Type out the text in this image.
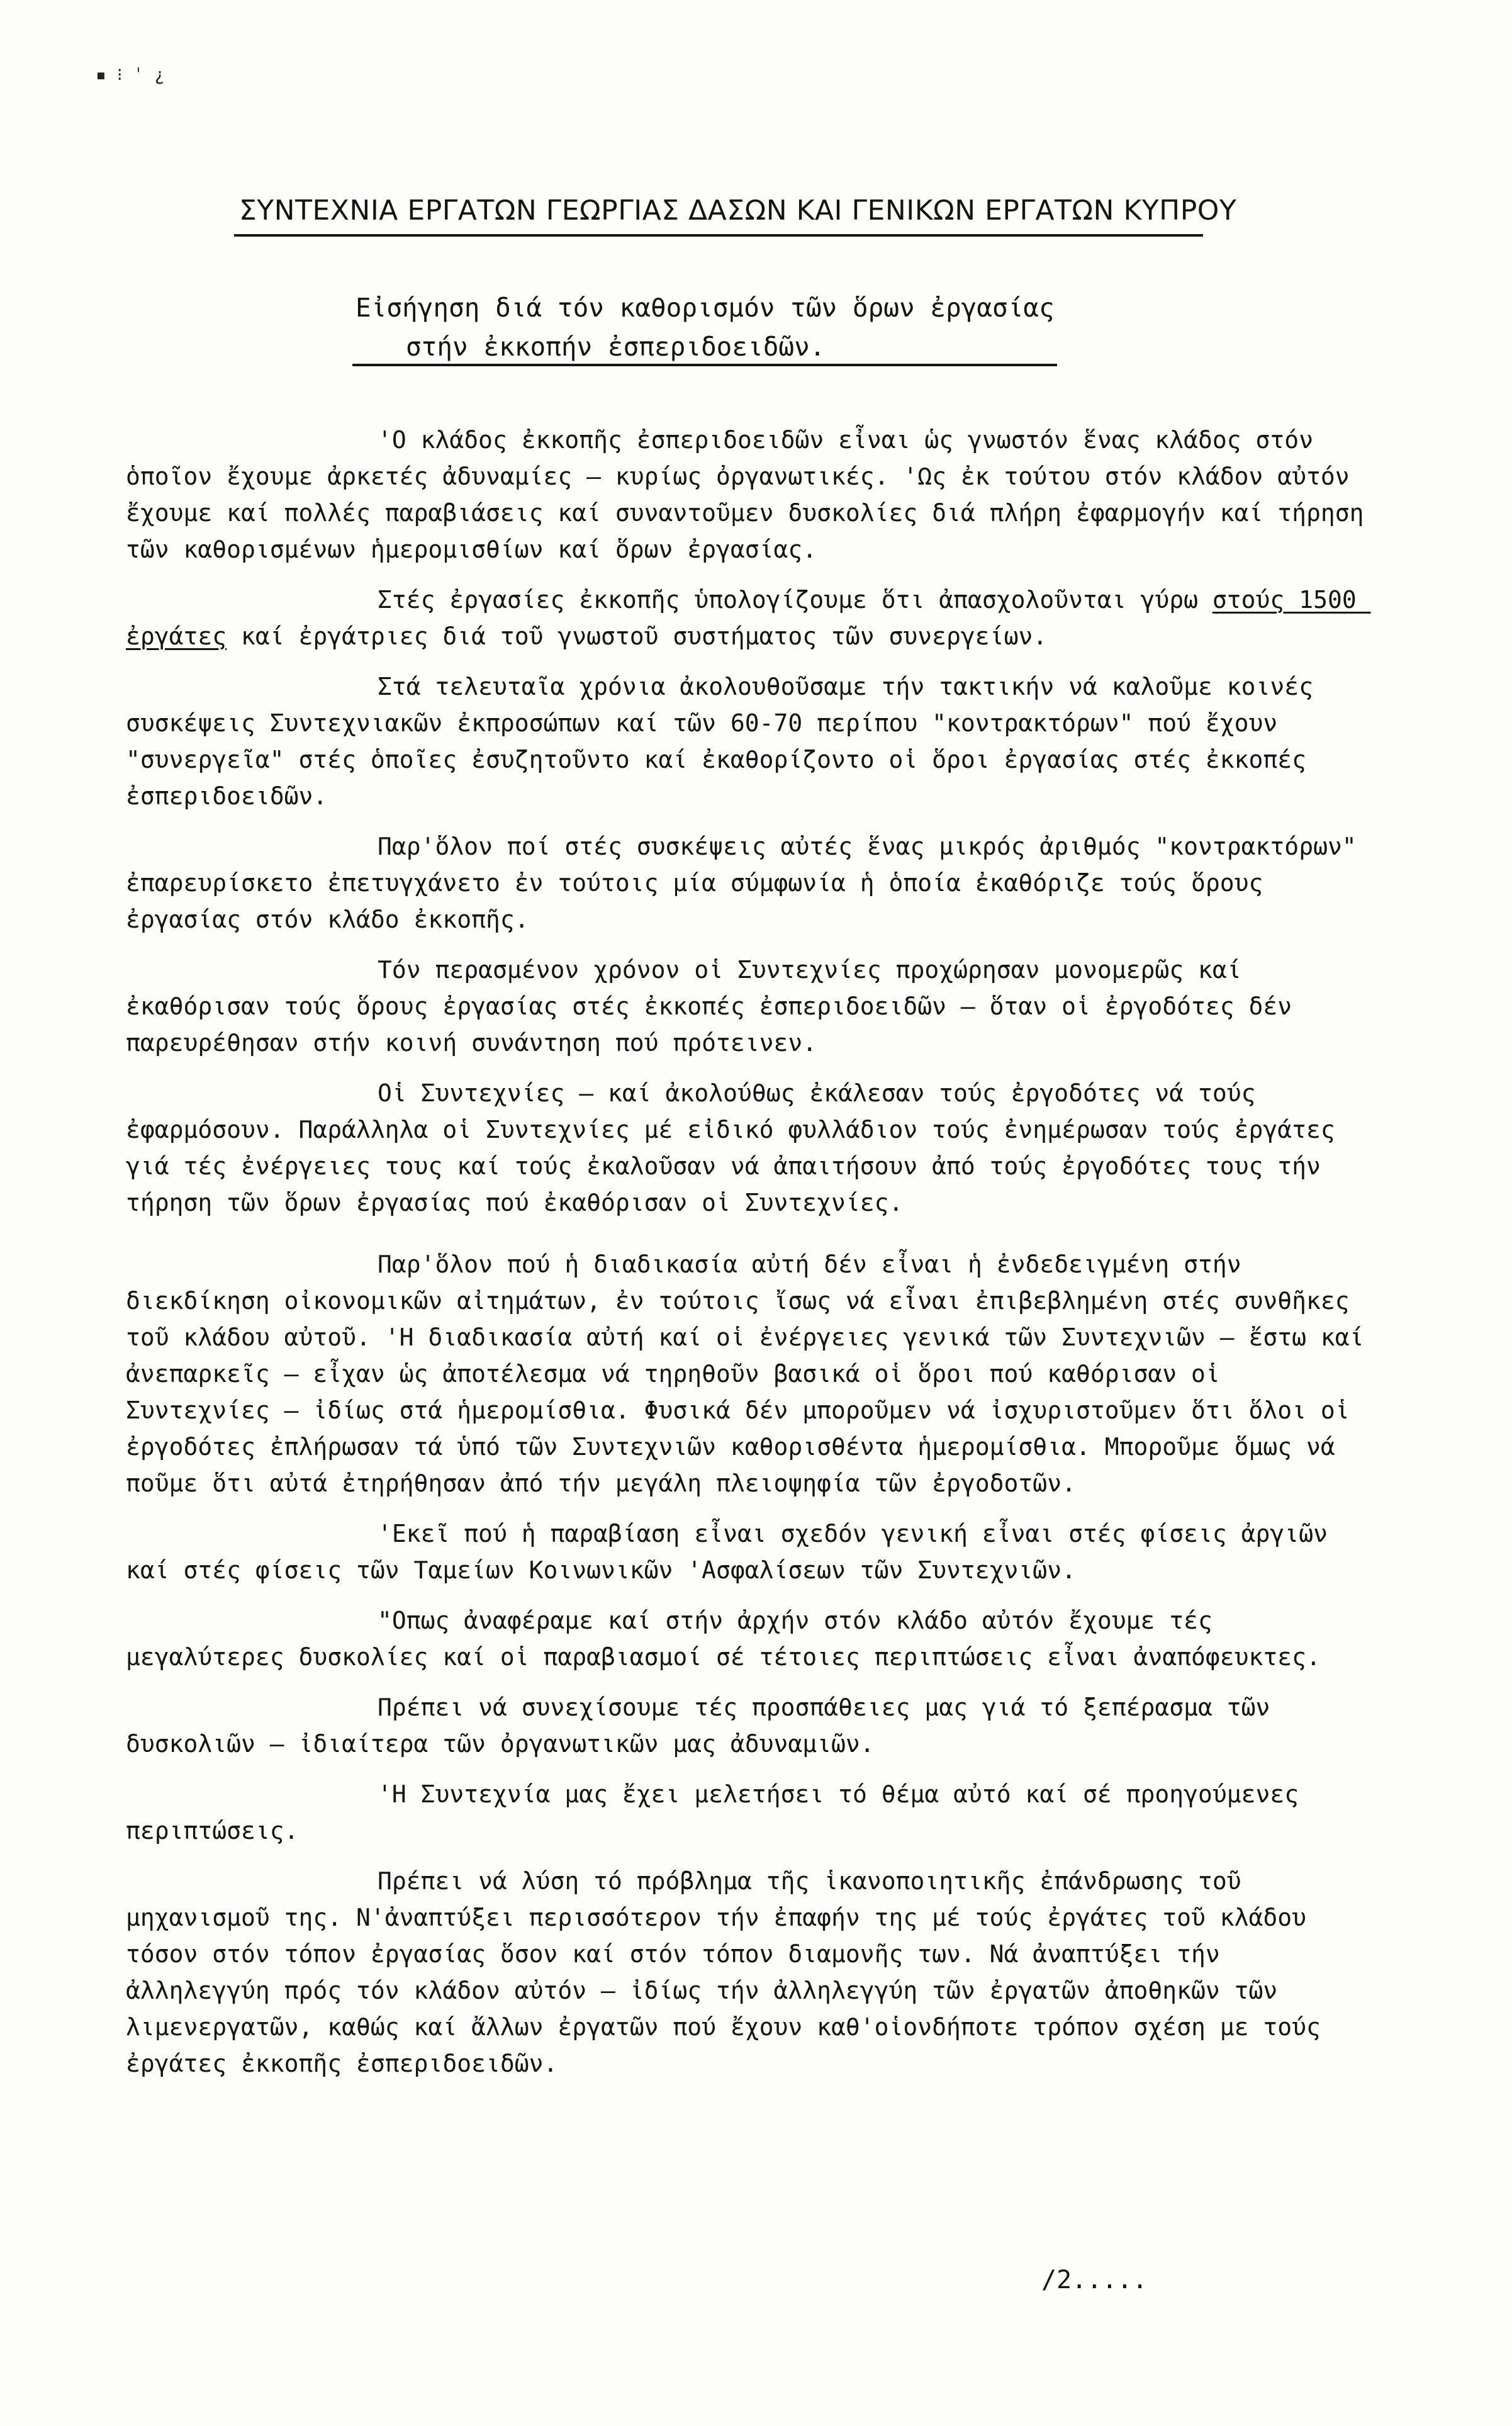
▪ ⁝ ˈ ¿
ΣΥΝΤΕΧΝΙΑ ΕΡΓΑΤΩΝ ΓΕΩΡΓΙΑΣ ΔΑΣΩΝ ΚΑΙ ΓΕΝΙΚΩΝ ΕΡΓΑΤΩΝ ΚΥΠΡΟΥ
Εἰσήγηση διά τόν καθορισμόν τῶν ὅρων ἐργασίας
στήν ἐκκοπήν ἐσπεριδοειδῶν.

'Ο κλάδος ἐκκοπῆς ἐσπεριδοειδῶν εἶναι ὡς γνωστόν ἕνας κλάδος στόν ὁποῖον ἔχουμε ἀρκετές ἀδυναμίες – κυρίως ὀργανωτικές. 'Ως ἐκ τούτου στόν κλάδον αὐτόν ἔχουμε καί πολλές παραβιάσεις καί συναντοῦμεν δυσκολίες διά πλήρη ἐφαρμογήν καί τήρηση τῶν καθορισμένων ἡμερομισθίων καί ὅρων ἐργασίας.

Στές ἐργασίες ἐκκοπῆς ὑπολογίζουμε ὅτι ἀπασχολοῦνται γύρω στούς 1500 ἐργάτες καί ἐργάτριες διά τοῦ γνωστοῦ συστήματος τῶν συνεργείων.

Στά τελευταῖα χρόνια ἀκολουθοῦσαμε τήν τακτικήν νά καλοῦμε κοινές συσκέψεις Συντεχνιακῶν ἐκπροσώπων καί τῶν 60-70 περίπου "κοντρακτόρων" πού ἔχουν "συνεργεῖα" στές ὁποῖες ἐσυζητοῦντο καί ἐκαθορίζοντο οἱ ὅροι ἐργασίας στές ἐκκοπές ἐσπεριδοειδῶν.

Παρ'ὅλον ποί στές συσκέψεις αὐτές ἕνας μικρός ἀριθμός "κοντρακτόρων" ἐπαρευρίσκετο ἐπετυγχάνετο ἐν τούτοις μία σύμφωνία ἡ ὁποία ἐκαθόριζε τούς ὅρους ἐργασίας στόν κλάδο ἐκκοπῆς.

Τόν περασμένον χρόνον οἱ Συντεχνίες προχώρησαν μονομερῶς καί ἐκαθόρισαν τούς ὅρους ἐργασίας στές ἐκκοπές ἐσπεριδοειδῶν – ὅταν οἱ ἐργοδότες δέν παρευρέθησαν στήν κοινή συνάντηση πού πρότεινεν.

Οἱ Συντεχνίες – καί ἀκολούθως ἐκάλεσαν τούς ἐργοδότες νά τούς ἐφαρμόσουν. Παράλληλα οἱ Συντεχνίες μέ εἰδικό φυλλάδιον τούς ἐνημέρωσαν τούς ἐργάτες γιά τές ἐνέργειες τους καί τούς ἐκαλοῦσαν νά ἀπαιτήσουν ἀπό τούς ἐργοδότες τους τήν τήρηση τῶν ὅρων ἐργασίας πού ἐκαθόρισαν οἱ Συντεχνίες.

Παρ'ὅλον πού ἡ διαδικασία αὐτή δέν εἶναι ἡ ἐνδεδειγμένη στήν διεκδίκηση οἰκονομικῶν αἰτημάτων, ἐν τούτοις ἴσως νά εἶναι ἐπιβεβλημένη στές συνθῆκες τοῦ κλάδου αὐτοῦ. 'Η διαδικασία αὐτή καί οἱ ἐνέργειες γενικά τῶν Συντεχνιῶν – ἔστω καί ἀνεπαρκεῖς – εἶχαν ὡς ἀποτέλεσμα νά τηρηθοῦν βασικά οἱ ὅροι πού καθόρισαν οἱ Συντεχνίες – ἰδίως στά ἡμερομίσθια. Φυσικά δέν μποροῦμεν νά ἰσχυριστοῦμεν ὅτι ὅλοι οἱ ἐργοδότες ἐπλήρωσαν τά ὑπό τῶν Συντεχνιῶν καθορισθέντα ἡμερομίσθια. Μποροῦμε ὅμως νά ποῦμε ὅτι αὐτά ἐτηρήθησαν ἀπό τήν μεγάλη πλειοψηφία τῶν ἐργοδοτῶν.

'Εκεῖ πού ἡ παραβίαση εἶναι σχεδόν γενική εἶναι στές φίσεις ἀργιῶν καί στές φίσεις τῶν Ταμείων Κοινωνικῶν 'Ασφαλίσεων τῶν Συντεχνιῶν.

"Οπως ἀναφέραμε καί στήν ἀρχήν στόν κλάδο αὐτόν ἔχουμε τές μεγαλύτερες δυσκολίες καί οἱ παραβιασμοί σέ τέτοιες περιπτώσεις εἶναι ἀναπόφευκτες.

Πρέπει νά συνεχίσουμε τές προσπάθειες μας γιά τό ξεπέρασμα τῶν δυσκολιῶν – ἰδιαίτερα τῶν ὀργανωτικῶν μας ἀδυναμιῶν.

'Η Συντεχνία μας ἔχει μελετήσει τό θέμα αὐτό καί σέ προηγούμενες περιπτώσεις.

Πρέπει νά λύση τό πρόβλημα τῆς ἱκανοποιητικῆς ἐπάνδρωσης τοῦ μηχανισμοῦ της. Ν'ἀναπτύξει περισσότερον τήν ἐπαφήν της μέ τούς ἐργάτες τοῦ κλάδου τόσον στόν τόπον ἐργασίας ὅσον καί στόν τόπον διαμονῆς των. Νά ἀναπτύξει τήν ἀλληλεγγύη πρός τόν κλάδον αὐτόν – ἰδίως τήν ἀλληλεγγύη τῶν ἐργατῶν ἀποθηκῶν τῶν λιμενεργατῶν, καθώς καί ἄλλων ἐργατῶν πού ἔχουν καθ'οἱονδήποτε τρόπον σχέση με τούς ἐργάτες ἐκκοπῆς ἐσπεριδοειδῶν.

/2.....
